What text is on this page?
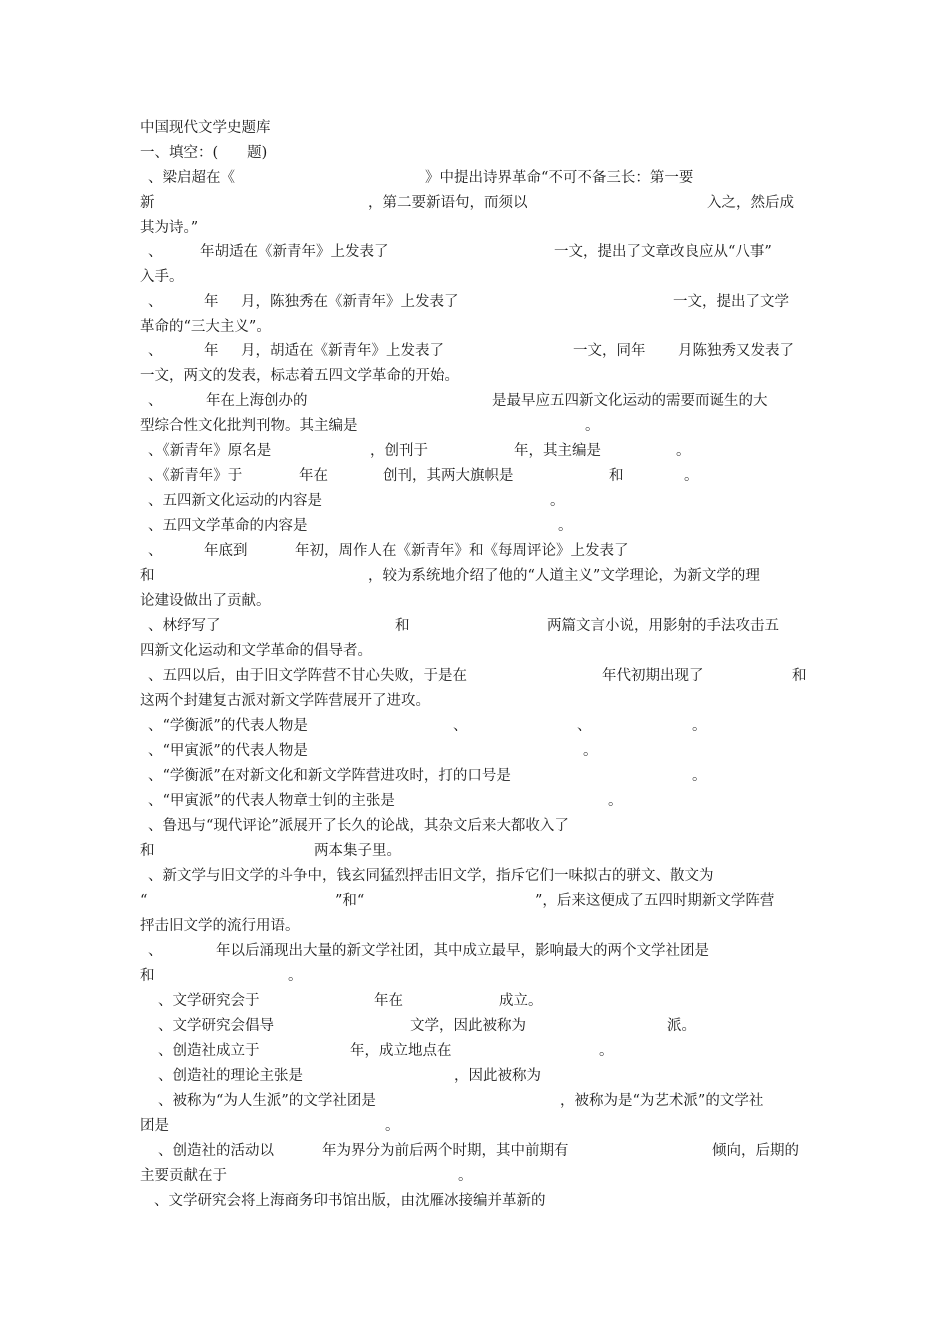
中国现代文学史题库
一、填空：(　　题)
、梁启超在《	》中提出诗界革命“不可不备三长：第一要
新	，第二要新语句，而须以	入之，然后成
其为诗。”
、	年胡适在《新青年》上发表了	一文，提出了文章改良应从“八事”
入手。
、	年 月，陈独秀在《新青年》上发表了	一文，提出了文学
革命的“三大主义”。
、	年 月，胡适在《新青年》上发表了	一文，同年 月陈独秀又发表了
一文，两文的发表，标志着五四文学革命的开始。
、	年在上海创办的	是最早应五四新文化运动的需要而诞生的大
型综合性文化批判刊物。其主编是	。
、《新青年》原名是	，创刊于	年，其主编是	。
、《新青年》于	年在	创刊，其两大旗帜是	和	。
、五四新文化运动的内容是	。
、五四文学革命的内容是	。
、	年底到	年初，周作人在《新青年》和《每周评论》上发表了
和	，较为系统地介绍了他的“人道主义”文学理论，为新文学的理
论建设做出了贡献。
、林纾写了	和	两篇文言小说，用影射的手法攻击五
四新文化运动和文学革命的倡导者。
、五四以后，由于旧文学阵营不甘心失败，于是在	年代初期出现了	和
这两个封建复古派对新文学阵营展开了进攻。
、“学衡派”的代表人物是	、	、	。
、“甲寅派”的代表人物是	。
、“学衡派”在对新文化和新文学阵营进攻时，打的口号是	。
、“甲寅派”的代表人物章士钊的主张是	。
、鲁迅与“现代评论”派展开了长久的论战，其杂文后来大都收入了
和	两本集子里。
、新文学与旧文学的斗争中，钱玄同猛烈抨击旧文学，指斥它们一味拟古的骈文、散文为
“	”和“	”，后来这便成了五四时期新文学阵营
抨击旧文学的流行用语。
、	年以后涌现出大量的新文学社团，其中成立最早，影响最大的两个文学社团是
和	。
、文学研究会于	年在	成立。
、文学研究会倡导	文学，因此被称为	派。
、创造社成立于	年，成立地点在	。
、创造社的理论主张是	，因此被称为
、被称为“为人生派”的文学社团是	，被称为是“为艺术派”的文学社
团是	。
、创造社的活动以	年为界分为前后两个时期，其中前期有	倾向，后期的
主要贡献在于	。
、文学研究会将上海商务印书馆出版，由沈雁冰接编并革新的
